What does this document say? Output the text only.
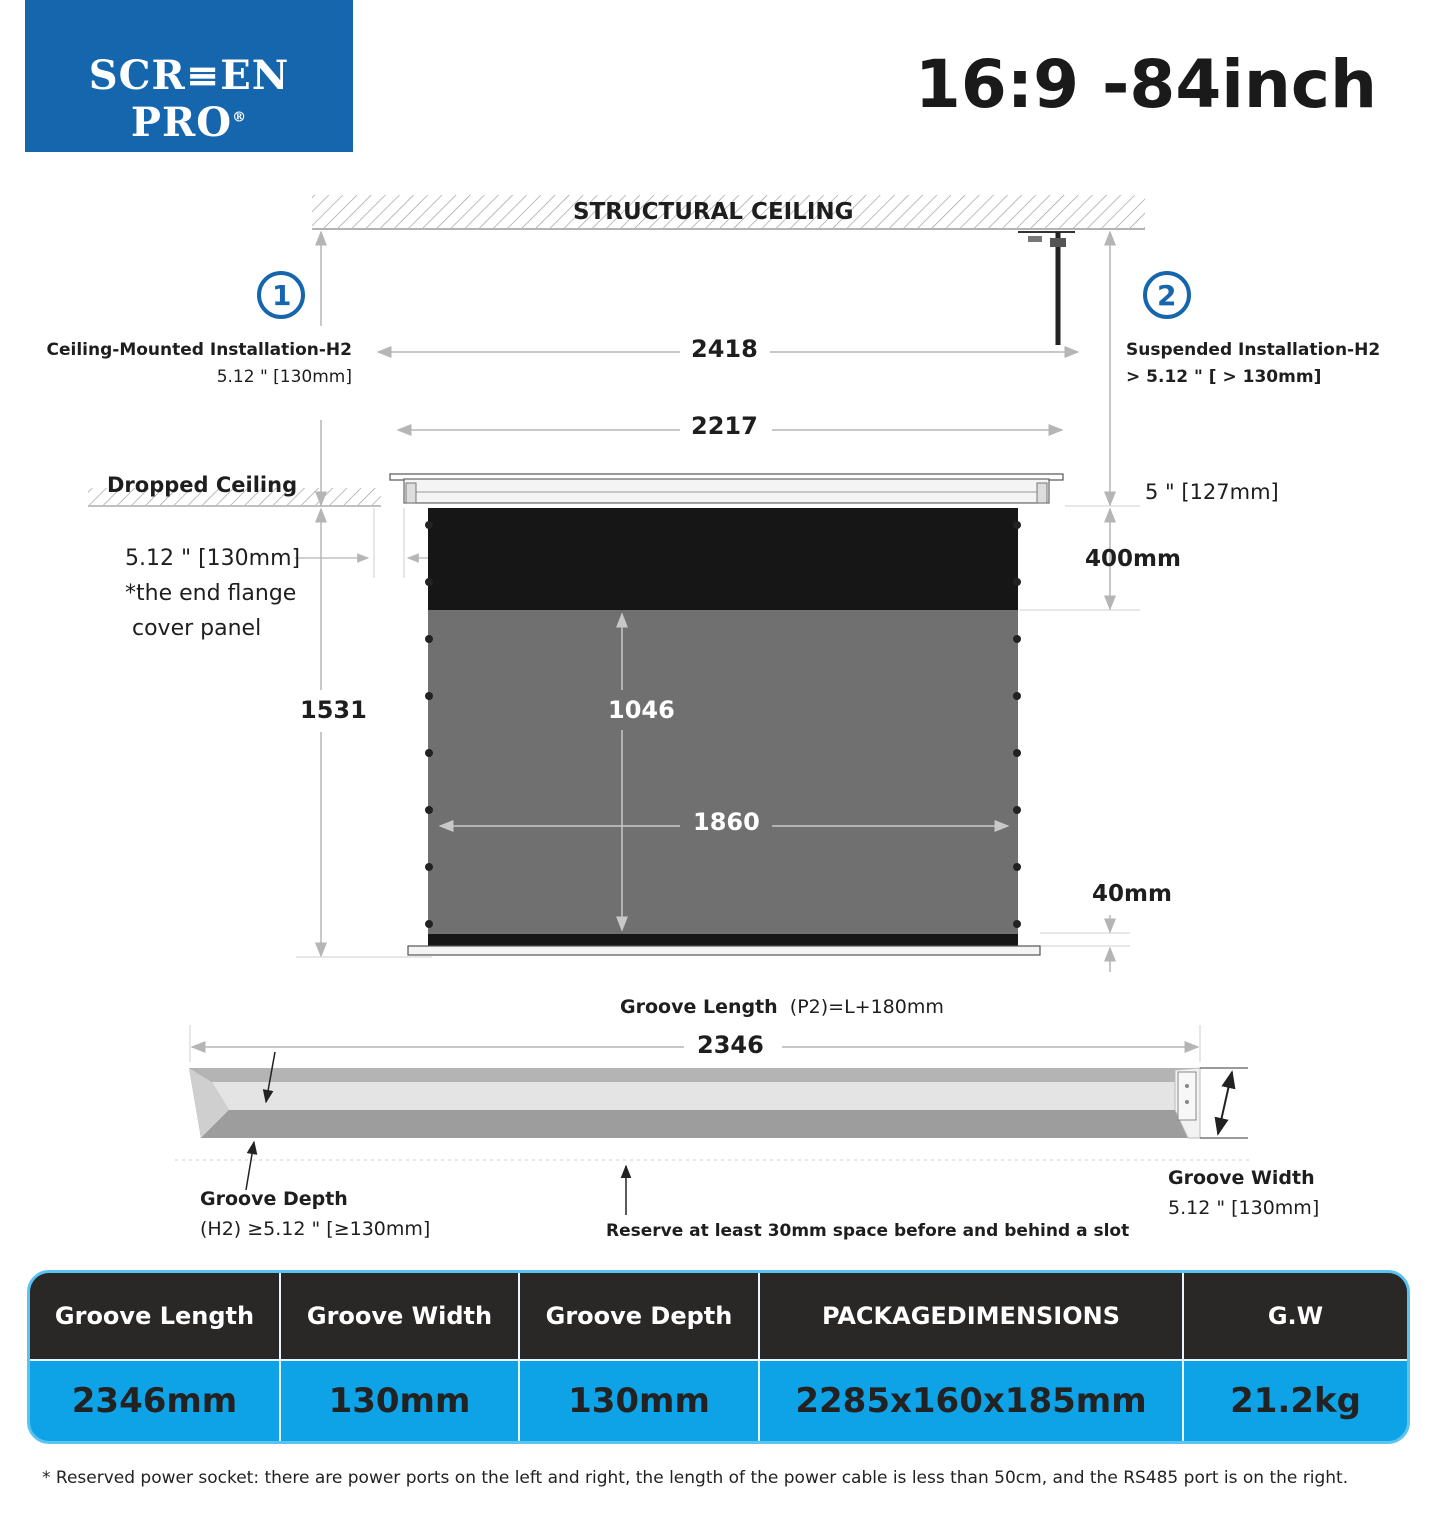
SCR≡EN PRO®	16:9 -84inch
STRUCTURAL CEILING
1	2
Ceiling-Mounted Installation-H2
5.12 " [130mm]
Suspended Installation-H2
> 5.12 " [ > 130mm]
2418
2217
Dropped Ceiling	5 " [127mm]
400mm
5.12 " [130mm]
*the end flange
cover panel
1531	1046
1860
40mm
Groove Length (P2)=L+180mm
2346
Groove Depth
(H2) ≥5.12 " [≥130mm]	Reserve at least 30mm space before and behind a slot
Groove Width
5.12 " [130mm]
Groove Length	Groove Width	Groove Depth	PACKAGEDIMENSIONS	G.W
2346mm	130mm	130mm	2285x160x185mm	21.2kg
* Reserved power socket: there are power ports on the left and right, the length of the power cable is less than 50cm, and the RS485 port is on the right.
